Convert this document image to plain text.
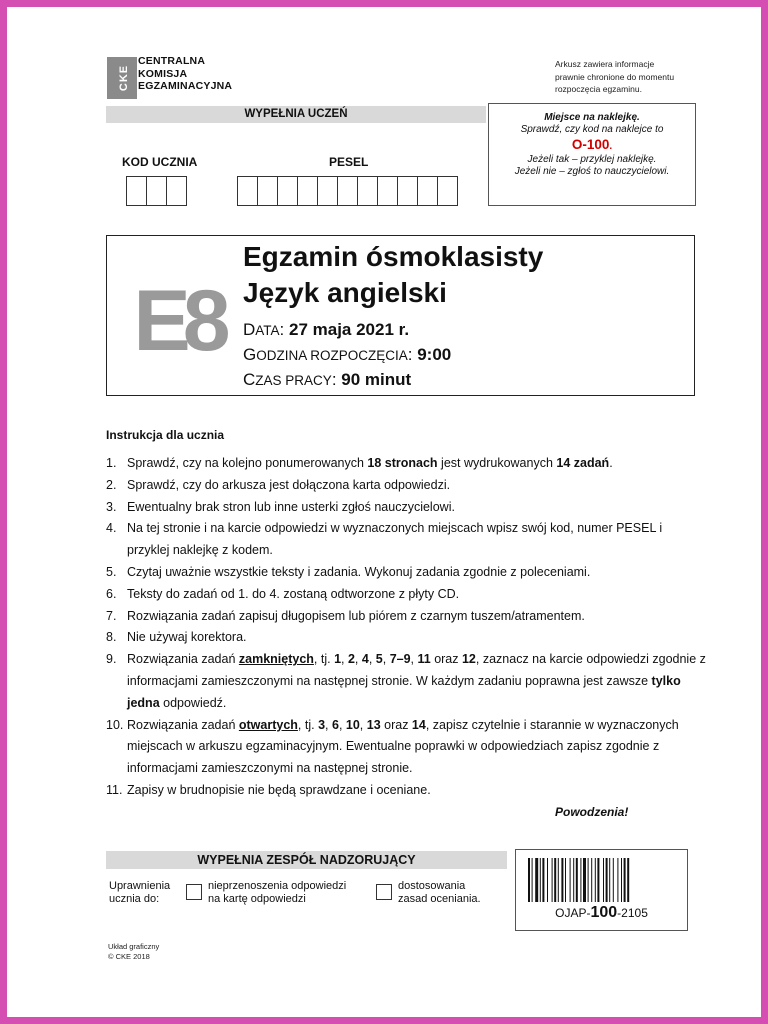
CKE
CENTRALNA
KOMISJA
EGZAMINACYJNA
Arkusz zawiera informacje
prawnie chronione do momentu
rozpoczęcia egzaminu.
WYPEŁNIA UCZEŃ
KOD UCZNIA	PESEL
Miejsce na naklejkę.
Sprawdź, czy kod na naklejce to
O-100.
Jeżeli tak – przyklej naklejkę.
Jeżeli nie – zgłoś to nauczycielowi.
E8
Egzamin ósmoklasisty
Język angielski
DATA: 27 maja 2021 r.
GODZINA ROZPOCZĘCIA: 9:00
CZAS PRACY: 90 minut
Instrukcja dla ucznia
1. Sprawdź, czy na kolejno ponumerowanych 18 stronach jest wydrukowanych 14 zadań.
2. Sprawdź, czy do arkusza jest dołączona karta odpowiedzi.
3. Ewentualny brak stron lub inne usterki zgłoś nauczycielowi.
4. Na tej stronie i na karcie odpowiedzi w wyznaczonych miejscach wpisz swój kod, numer PESEL i przyklej naklejkę z kodem.
5. Czytaj uważnie wszystkie teksty i zadania. Wykonuj zadania zgodnie z poleceniami.
6. Teksty do zadań od 1. do 4. zostaną odtworzone z płyty CD.
7. Rozwiązania zadań zapisuj długopisem lub piórem z czarnym tuszem/atramentem.
8. Nie używaj korektora.
9. Rozwiązania zadań zamkniętych, tj. 1, 2, 4, 5, 7–9, 11 oraz 12, zaznacz na karcie odpowiedzi zgodnie z informacjami zamieszczonymi na następnej stronie. W każdym zadaniu poprawna jest zawsze tylko jedna odpowiedź.
10. Rozwiązania zadań otwartych, tj. 3, 6, 10, 13 oraz 14, zapisz czytelnie i starannie w wyznaczonych miejscach w arkuszu egzaminacyjnym. Ewentualne poprawki w odpowiedziach zapisz zgodnie z informacjami zamieszczonymi na następnej stronie.
11. Zapisy w brudnopisie nie będą sprawdzane i oceniane.
Powodzenia!
WYPEŁNIA ZESPÓŁ NADZORUJĄCY
Uprawnienia
ucznia do:
nieprzenoszenia odpowiedzi
na kartę odpowiedzi
dostosowania
zasad oceniania.
OJAP-100-2105
Układ graficzny
© CKE 2018
